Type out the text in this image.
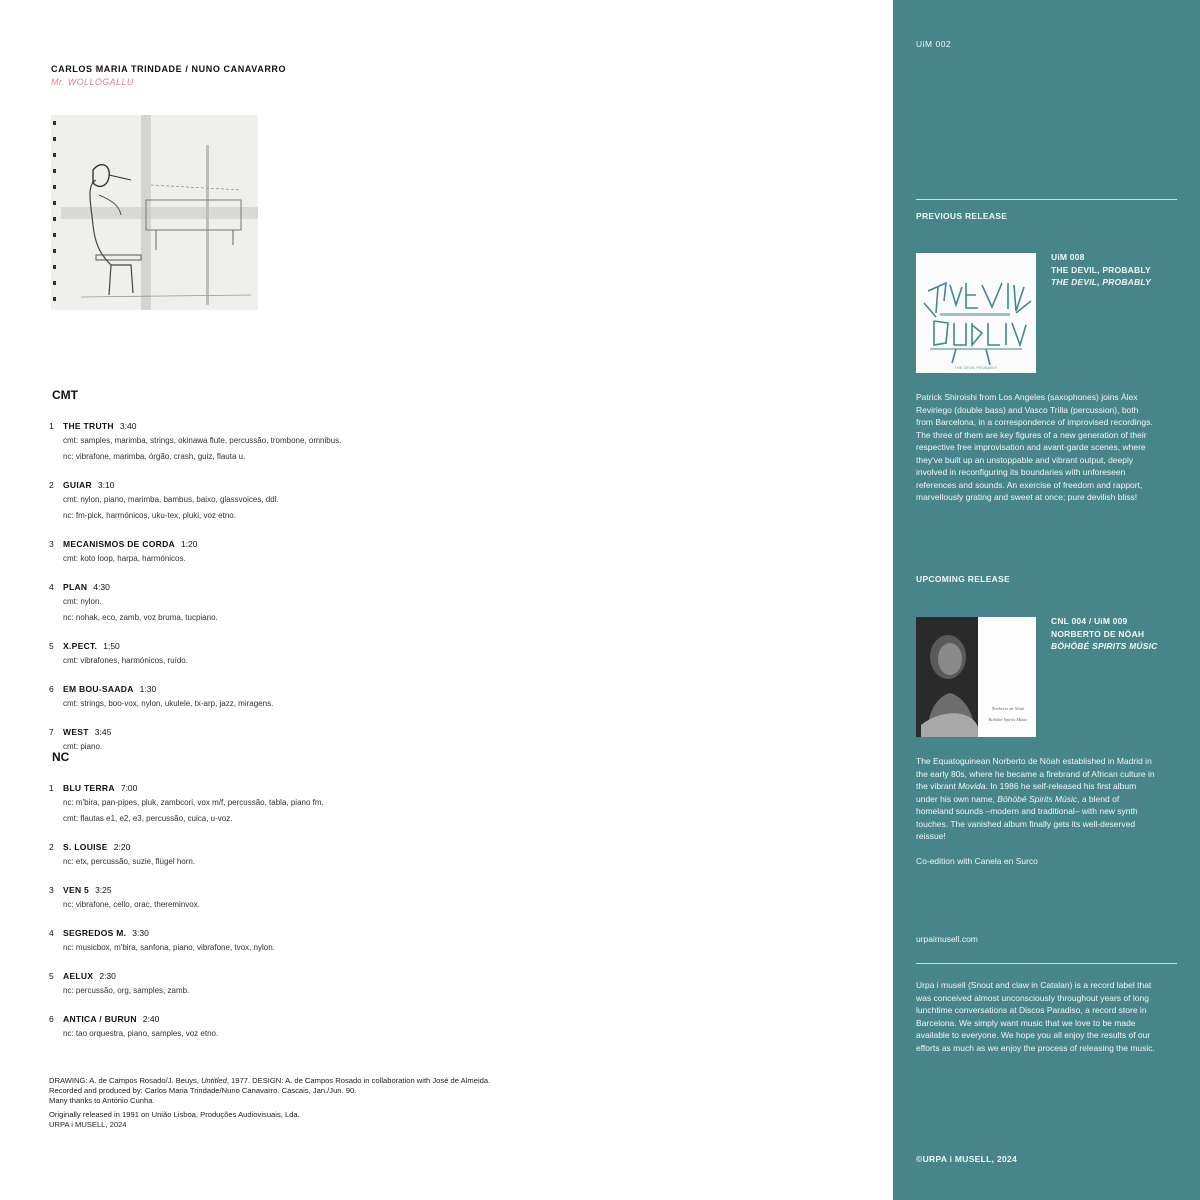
CARLOS MARIA TRINDADE / NUNO CANAVARRO
Mr. WOLLOGALLU
CMT
1 THE TRUTH 3:40
cmt: samples, marimba, strings, okinawa flute, percussão, trombone, omnibus.
nc: vibrafone, marimba, órgão, crash, guiz, flauta u.
2 GUIAR 3:10
cmt: nylon, piano, marimba, bambus, baixo, glassvoices, ddl.
nc: fm-pick, harmónicos, uku-tex, pluki, voz etno.
3 MECANISMOS DE CORDA 1:20
cmt: koto loop, harpa, harmónicos.
4 PLAN 4:30
cmt: nylon.
nc: nohak, eco, zamb, voz bruma, tucpiano.
5 X.PECT. 1:50
cmt: vibrafones, harmónicos, ruído.
6 EM BOU-SAADA 1:30
cmt: strings, boo-vox, nylon, ukulele, tx-arp, jazz, miragens.
7 WEST 3:45
cmt: piano.
NC
1 BLU TERRA 7:00
nc: m'bira, pan-pipes, pluk, zambcori, vox m/f, percussão, tabla, piano fm.
cmt: flautas e1, e2, e3, percussão, cuica, u-voz.
2 S. LOUISE 2:20
nc: etx, percussão, suzie, flügel horn.
3 VEN 5 3:25
nc: vibrafone, cello, orac, thereminvox.
4 SEGREDOS M. 3:30
nc: musicbox, m'bira, sanfona, piano, vibrafone, tvox, nylon.
5 AELUX 2:30
nc: percussão, org, samples, zamb.
6 ANTICA / BURUN 2:40
nc: tao orquestra, piano, samples, voz etno.

DRAWING: A. de Campos Rosado/J. Beuys, Untitled, 1977. DESIGN: A. de Campos Rosado in collaboration with José de Almeida.

Recorded and produced by: Carlos Maria Trindade/Nuno Canavarro. Cascais, Jan./Jun. 90.

Many thanks to António Cunha.

Originally released in 1991 on União Lisboa, Produções Audiovisuais, Lda.

URPA i MUSELL, 2024

UiM 002
PREVIOUS RELEASE
THE DEVIL PROBABLY
UiM 008
THE DEVIL, PROBABLY
THE DEVIL, PROBABLY

Patrick Shiroishi from Los Angeles (saxophones) joins Àlex Reviriego (double bass) and Vasco Trilla (percussion), both from Barcelona, in a correspondence of improvised recordings. The three of them are key figures of a new generation of their respective free improvisation and avant-garde scenes, where they've built up an unstoppable and vibrant output, deeply involved in reconfiguring its boundaries with unforeseen references and sounds. An exercise of freedom and rapport, marvellously grating and sweet at once; pure devilish bliss!

UPCOMING RELEASE
Norberto de Nöah
Böhöbé Spirits Músic
CNL 004 / UiM 009
NORBERTO DE NÖAH
BÖHÖBÉ SPIRITS MÚSIC

The Equatoguinean Norberto de Nöah established in Madrid in the early 80s, where he became a firebrand of African culture in the vibrant Movida. In 1986 he self-released his first album under his own name, Böhöbé Spirits Músic, a blend of homeland sounds –modern and traditional– with new synth touches. The vanished album finally gets its well-deserved reissue!

Co-edition with Canela en Surco

urpaimusell.com

Urpa i musell (Snout and claw in Catalan) is a record label that was conceived almost unconsciously throughout years of long lunchtime conversations at Discos Paradiso, a record store in Barcelona. We simply want music that we love to be made available to everyone. We hope you all enjoy the results of our efforts as much as we enjoy the process of releasing the music.

©URPA i MUSELL, 2024
